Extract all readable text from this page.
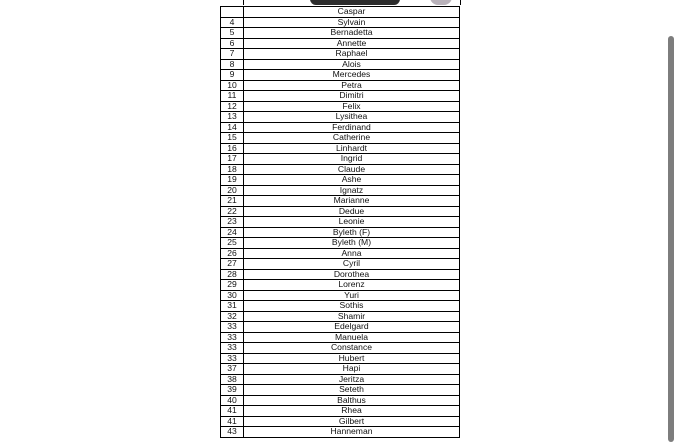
	Caspar
4	Sylvain
5	Bernadetta
6	Annette
7	Raphael
8	Alois
9	Mercedes
10	Petra
11	Dimitri
12	Felix
13	Lysithea
14	Ferdinand
15	Catherine
16	Linhardt
17	Ingrid
18	Claude
19	Ashe
20	Ignatz
21	Marianne
22	Dedue
23	Leonie
24	Byleth (F)
25	Byleth (M)
26	Anna
27	Cyril
28	Dorothea
29	Lorenz
30	Yuri
31	Sothis
32	Shamir
33	Edelgard
33	Manuela
33	Constance
33	Hubert
37	Hapi
38	Jeritza
39	Seteth
40	Balthus
41	Rhea
41	Gilbert
43	Hanneman
